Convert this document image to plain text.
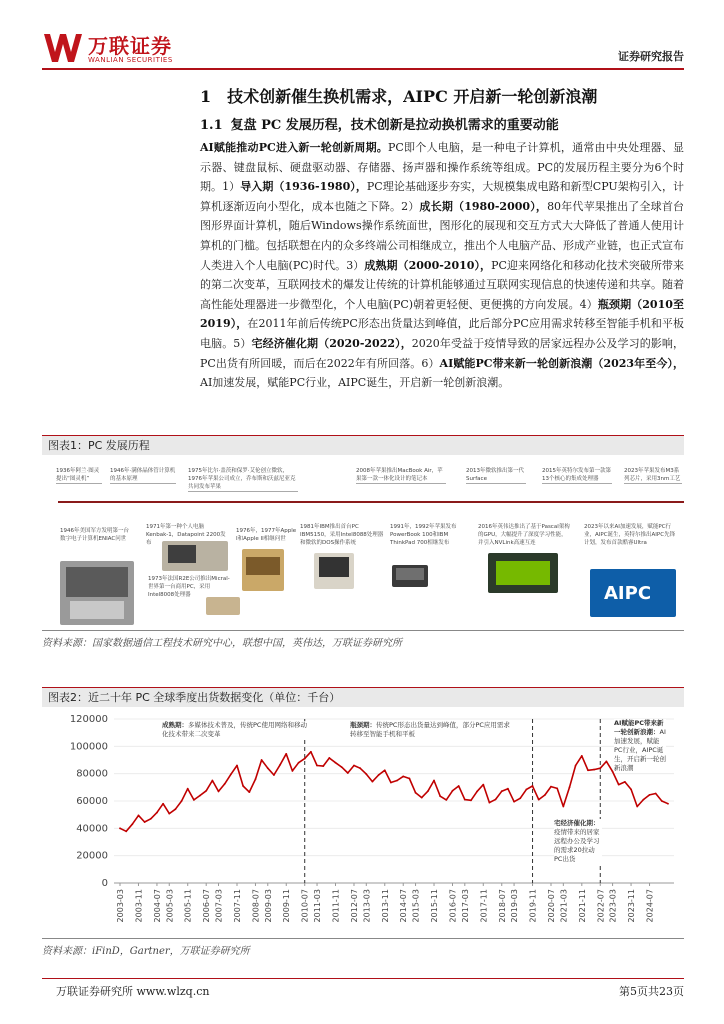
万联证券
WANLIAN SECURITIES	证券研究报告
1 技术创新催生换机需求，AIPC 开启新一轮创新浪潮
1.1 复盘 PC 发展历程，技术创新是拉动换机需求的重要动能
AI赋能推动PC进入新一轮创新周期。PC即个人电脑，是一种电子计算机，通常由中央处理器、显示器、键盘鼠标、硬盘驱动器、存储器、扬声器和操作系统等组成。PC的发展历程主要分为6个时期。1）导入期（1936-1980），PC理论基础逐步夯实，大规模集成电路和新型CPU架构引入，计算机逐渐迈向小型化，成本也随之下降。2）成长期（1980-2000），80年代苹果推出了全球首台图形界面计算机，随后Windows操作系统面世，图形化的展现和交互方式大大降低了普通人使用计算机的门槛。包括联想在内的众多终端公司相继成立，推出个人电脑产品、形成产业链，也正式宣布人类进入个人电脑(PC)时代。3）成熟期（2000-2010），PC迎来网络化和移动化技术突破所带来的第二次变革，互联网技术的爆发让传统的计算机能够通过互联网实现信息的快速传递和共享。随着高性能处理器进一步微型化，个人电脑(PC)朝着更轻便、更便携的方向发展。4）瓶颈期（2010至2019），在2011年前后传统PC形态出货量达到峰值，此后部分PC应用需求转移至智能手机和平板电脑。5）宅经济催化期（2020-2022），2020年受益于疫情导致的居家远程办公及学习的影响，PC出货有所回暖，而后在2022年有所回落。6）AI赋能PC带来新一轮创新浪潮（2023年至今），AI加速发展，赋能PC行业，AIPC诞生，开启新一轮创新浪潮。
图表1：PC 发展历程
1936年阿兰·图灵提出“图灵机”
1946年·满体晶体管计算机的基本原理
1975年比尔·盖茨和保罗·艾伦创立微软，1976年苹果公司成立，乔布斯和沃兹尼亚克共同发布苹果
2008年苹果推出MacBook Air，苹果第一款一体化设计的笔记本
2013年微软推出第一代Surface
2015年英特尔发布第一款第13个核心的集成处理器
2023年苹果发布M3系列芯片，采用3nm工艺
1946年美国军方发明第一台数字电子计算机ENIAC问世
1971年第一种个人电脑Kenbak-1，Datapoint 2200发布
1973年法国R2E公司推出Micral-世界第一台商用PC，采用Intel8008处理器
1976年，1977年Apple I和Apple II相继问世
1981年IBM推出首台PC IBM5150，采用Intel8088处理器和微软的DOS操作系统
1991年，1992年苹果发布PowerBook 100和IBM ThinkPad 700相继发布
2016年英伟达推出了基于Pascal架构的GPU，大幅提升了深度学习性能，并引入NVLink高速互连
2023年以来AI加速发展，赋能PC行业，AIPC诞生，英特尔推出AIPC先锋计划，发布首款酷睿Ultra
AIPC
资料来源：国家数据通信工程技术研究中心，联想中国，英伟达，万联证券研究所
图表2：近二十年 PC 全球季度出货数据变化（单位：千台）
0
20000
40000
60000
80000
100000
120000
2003-03 2003-11 2004-07 2005-03 2005-11 2006-07 2007-03 2007-11 2008-07 2009-03 2009-11 2010-07 2011-03 2011-11 2012-07 2013-03 2013-11 2014-07 2015-03 2015-11 2016-07 2017-03 2017-11 2018-07 2019-03 2019-11 2020-07 2021-03 2021-11 2022-07 2023-03 2023-11 2024-07
成熟期：多媒体技术普及，传统PC使用网络和移动化技术带来二次变革
瓶颈期：传统PC形态出货量达到峰值，部分PC应用需求转移至智能手机和平板
宅经济催化期：疫情带来的居家远程办公及学习的需求20拉动PC出货
AI赋能PC带来新一轮创新浪潮：AI加速发展，赋能PC行业，AIPC诞生，开启新一轮创新浪潮
资料来源：iFinD，Gartner，万联证券研究所
万联证券研究所 www.wlzq.cn	第5页共23页
